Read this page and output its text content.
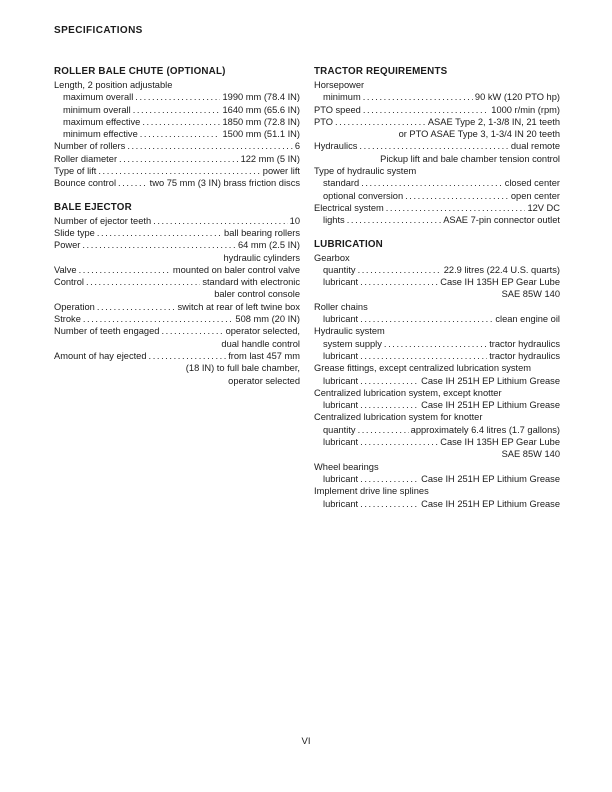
SPECIFICATIONS
ROLLER BALE CHUTE (OPTIONAL)
Length, 2 position adjustable
maximum overall .....	1990 mm (78.4 IN)
minimum overall .....	1640 mm (65.6 IN)
maximum effective .....	1850 mm (72.8 IN)
minimum effective .....	1500 mm (51.1 IN)
Number of rollers .....	6
Roller diameter .....	122 mm (5 IN)
Type of lift .....	power lift
Bounce control .....	two 75 mm (3 IN) brass friction discs
BALE EJECTOR
Number of ejector teeth .....	10
Slide type .....	ball bearing rollers
Power .....	64 mm (2.5 IN)
hydraulic cylinders
Valve .....	mounted on baler control valve
Control .....	standard with electronic
baler control console
Operation .....	switch at rear of left twine box
Stroke .....	508 mm (20 IN)
Number of teeth engaged .....	operator selected,
dual handle control
Amount of hay ejected .....	from last 457 mm
(18 IN) to full bale chamber,
operator selected
TRACTOR REQUIREMENTS
Horsepower
minimum .....	90 kW (120 PTO hp)
PTO speed .....	1000 r/min (rpm)
PTO .....	ASAE Type 2, 1-3/8 IN, 21 teeth
or PTO ASAE Type 3, 1-3/4 IN 20 teeth
Hydraulics .....	dual remote
Pickup lift and bale chamber tension control
Type of hydraulic system
standard .....	closed center
optional conversion .....	open center
Electrical system .....	12V DC
lights .....	ASAE 7-pin connector outlet
LUBRICATION
Gearbox
quantity .....	22.9 litres (22.4 U.S. quarts)
lubricant .....	Case IH 135H EP Gear Lube
SAE 85W 140
Roller chains
lubricant .....	clean engine oil
Hydraulic system
system supply .....	tractor hydraulics
lubricant .....	tractor hydraulics
Grease fittings, except centralized lubrication system
lubricant .....	Case IH 251H EP Lithium Grease
Centralized lubrication system, except knotter
lubricant .....	Case IH 251H EP Lithium Grease
Centralized lubrication system for knotter
quantity .....	approximately 6.4 litres (1.7 gallons)
lubricant .....	Case IH 135H EP Gear Lube
SAE 85W 140
Wheel bearings
lubricant .....	Case IH 251H EP Lithium Grease
Implement drive line splines
lubricant .....	Case IH 251H EP Lithium Grease
VI
